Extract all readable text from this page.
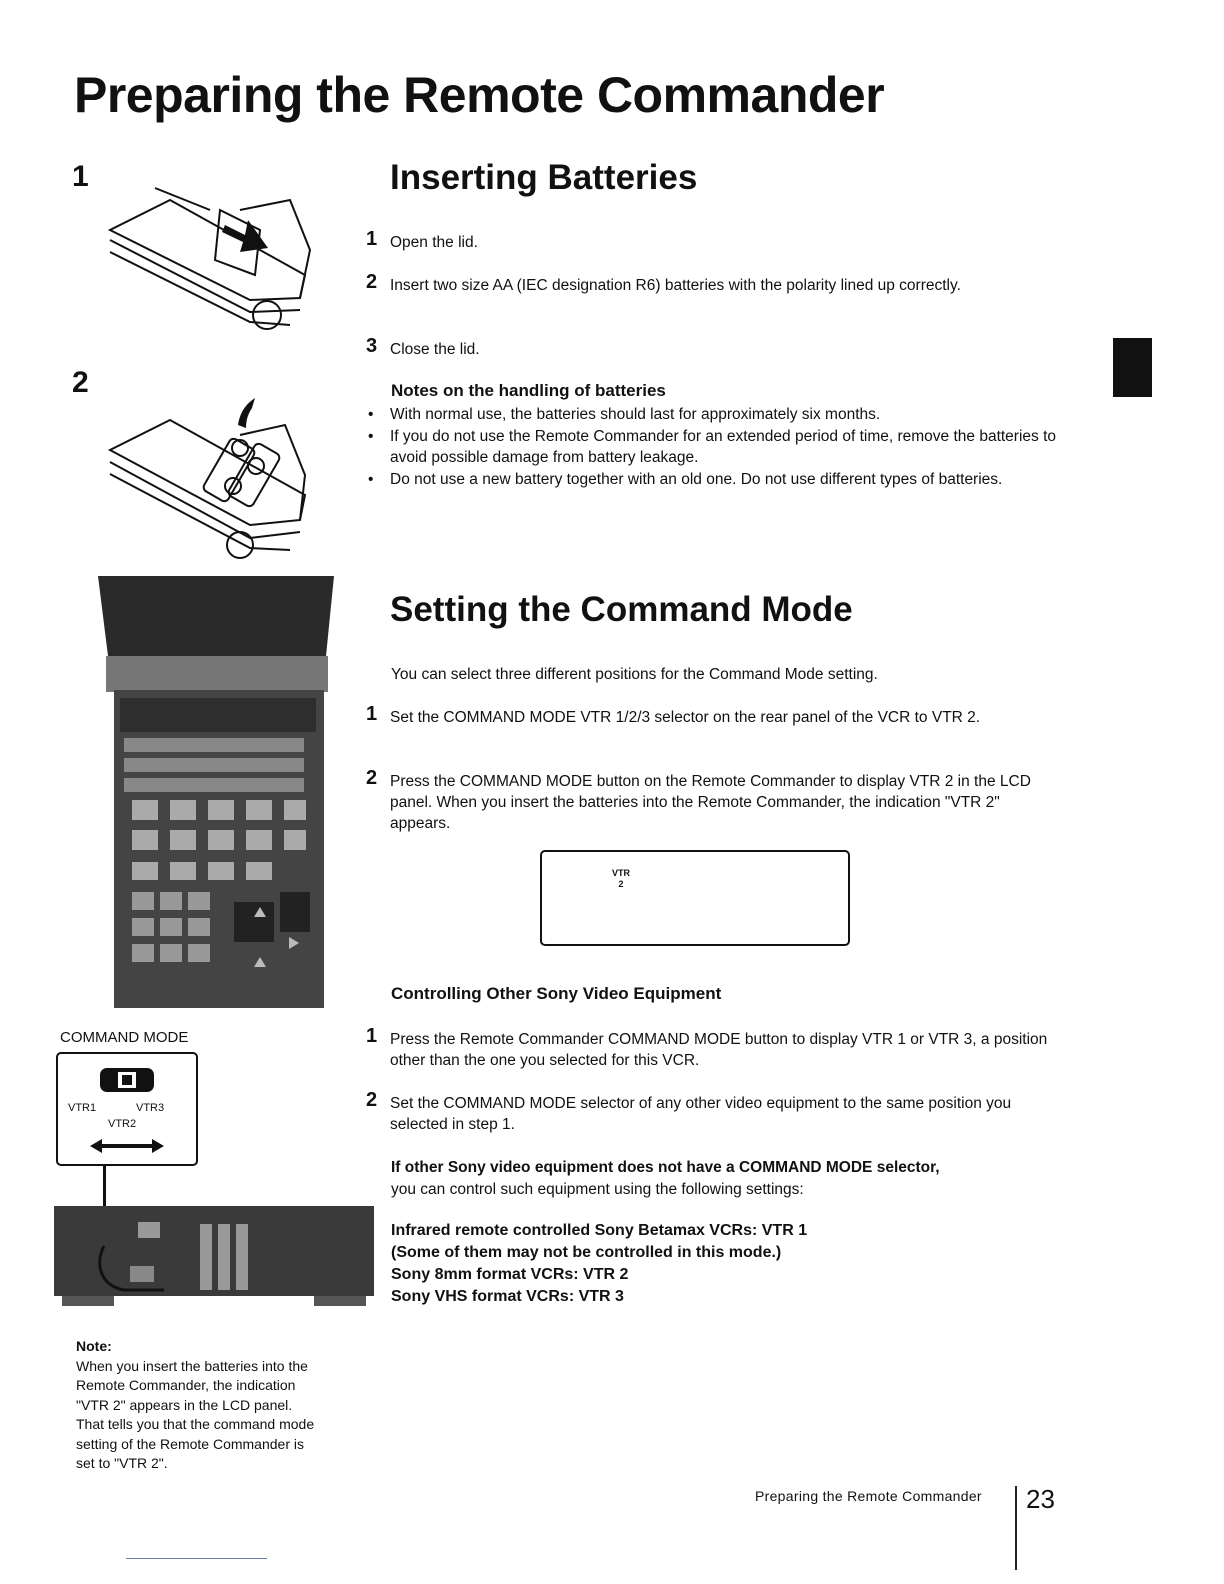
Preparing the Remote Commander
1
2
COMMAND MODE
VTR1	VTR3
VTR2
Inserting Batteries
1 Open the lid.
2 Insert two size AA (IEC designation R6) batteries with the polarity lined up correctly.
3 Close the lid.
Notes on the handling of batteries
• With normal use, the batteries should last for approximately six months.
• If you do not use the Remote Commander for an extended period of time, remove the batteries to avoid possible damage from battery leakage.
• Do not use a new battery together with an old one. Do not use different types of batteries.
Setting the Command Mode
You can select three different positions for the Command Mode setting.
1 Set the COMMAND MODE VTR 1/2/3 selector on the rear panel of the VCR to VTR 2.
2 Press the COMMAND MODE button on the Remote Commander to display VTR 2 in the LCD panel. When you insert the batteries into the Remote Commander, the indication "VTR 2" appears.
VTR
2
Controlling Other Sony Video Equipment
1 Press the Remote Commander COMMAND MODE button to display VTR 1 or VTR 3, a position other than the one you selected for this VCR.
2 Set the COMMAND MODE selector of any other video equipment to the same position you selected in step 1.
If other Sony video equipment does not have a COMMAND MODE selector,
you can control such equipment using the following settings:
Infrared remote controlled Sony Betamax VCRs: VTR 1
(Some of them may not be controlled in this mode.)
Sony 8mm format VCRs: VTR 2
Sony VHS format VCRs: VTR 3
Note:
When you insert the batteries into the Remote Commander, the indication "VTR 2" appears in the LCD panel. That tells you that the command mode setting of the Remote Commander is set to "VTR 2".
Preparing the Remote Commander 23
